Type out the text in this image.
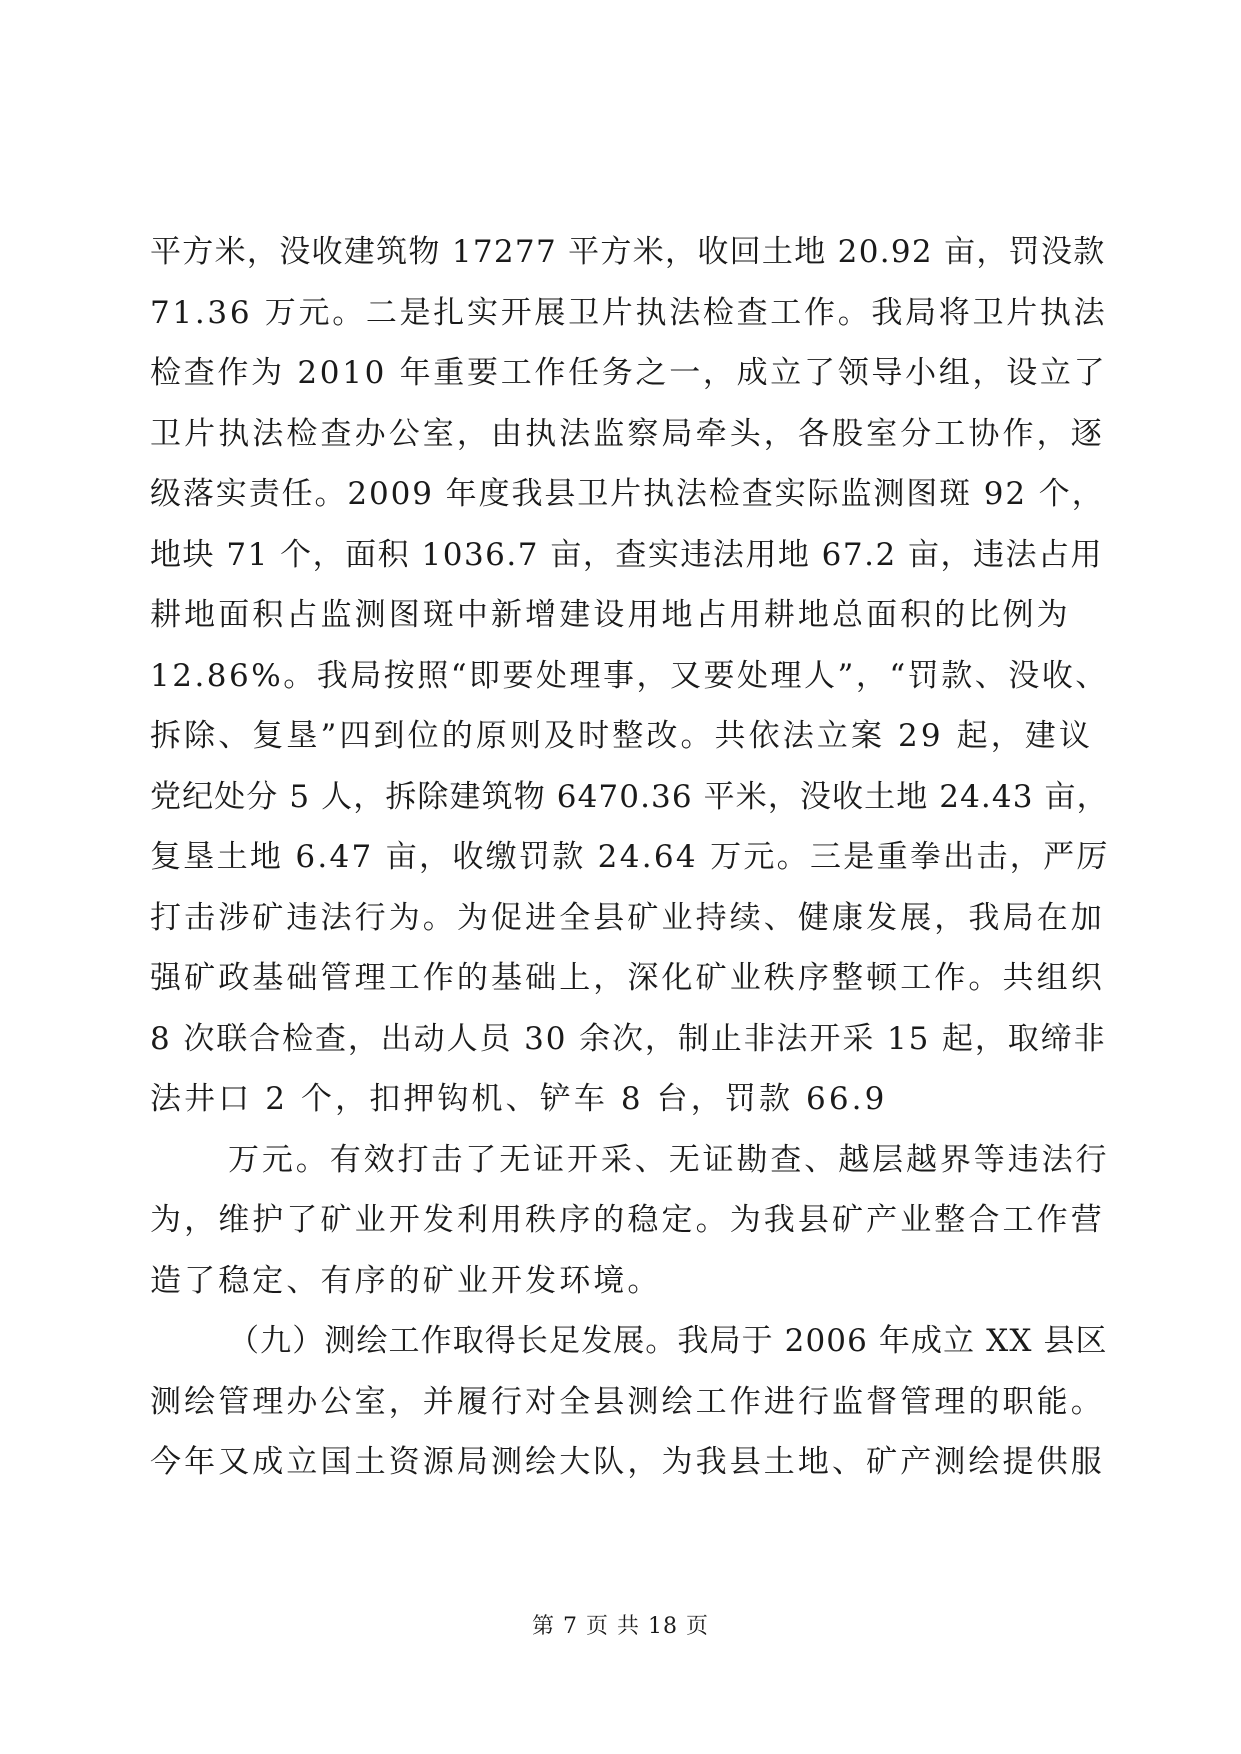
平方米，没收建筑物 17277 平方米，收回土地 20.92 亩，罚没款
71.36 万元。二是扎实开展卫片执法检查工作。我局将卫片执法
检查作为 2010 年重要工作任务之一，成立了领导小组，设立了
卫片执法检查办公室，由执法监察局牵头，各股室分工协作，逐
级落实责任。2009 年度我县卫片执法检查实际监测图斑 92 个，
地块 71 个，面积 1036.7 亩，查实违法用地 67.2 亩，违法占用
耕地面积占监测图斑中新增建设用地占用耕地总面积的比例为
12.86%。我局按照“即要处理事，又要处理人”，“罚款、没收、
拆除、复垦”四到位的原则及时整改。共依法立案 29 起，建议
党纪处分 5 人，拆除建筑物 6470.36 平米，没收土地 24.43 亩，
复垦土地 6.47 亩，收缴罚款 24.64 万元。三是重拳出击，严厉
打击涉矿违法行为。为促进全县矿业持续、健康发展，我局在加
强矿政基础管理工作的基础上，深化矿业秩序整顿工作。共组织
8 次联合检查，出动人员 30 余次，制止非法开采 15 起，取缔非
法井口 2 个，扣押钩机、铲车 8 台，罚款 66.9
万元。有效打击了无证开采、无证勘查、越层越界等违法行
为，维护了矿业开发利用秩序的稳定。为我县矿产业整合工作营
造了稳定、有序的矿业开发环境。
（九）测绘工作取得长足发展。我局于 2006 年成立 XX 县区
测绘管理办公室，并履行对全县测绘工作进行监督管理的职能。
今年又成立国土资源局测绘大队，为我县土地、矿产测绘提供服
第 7 页 共 18 页
